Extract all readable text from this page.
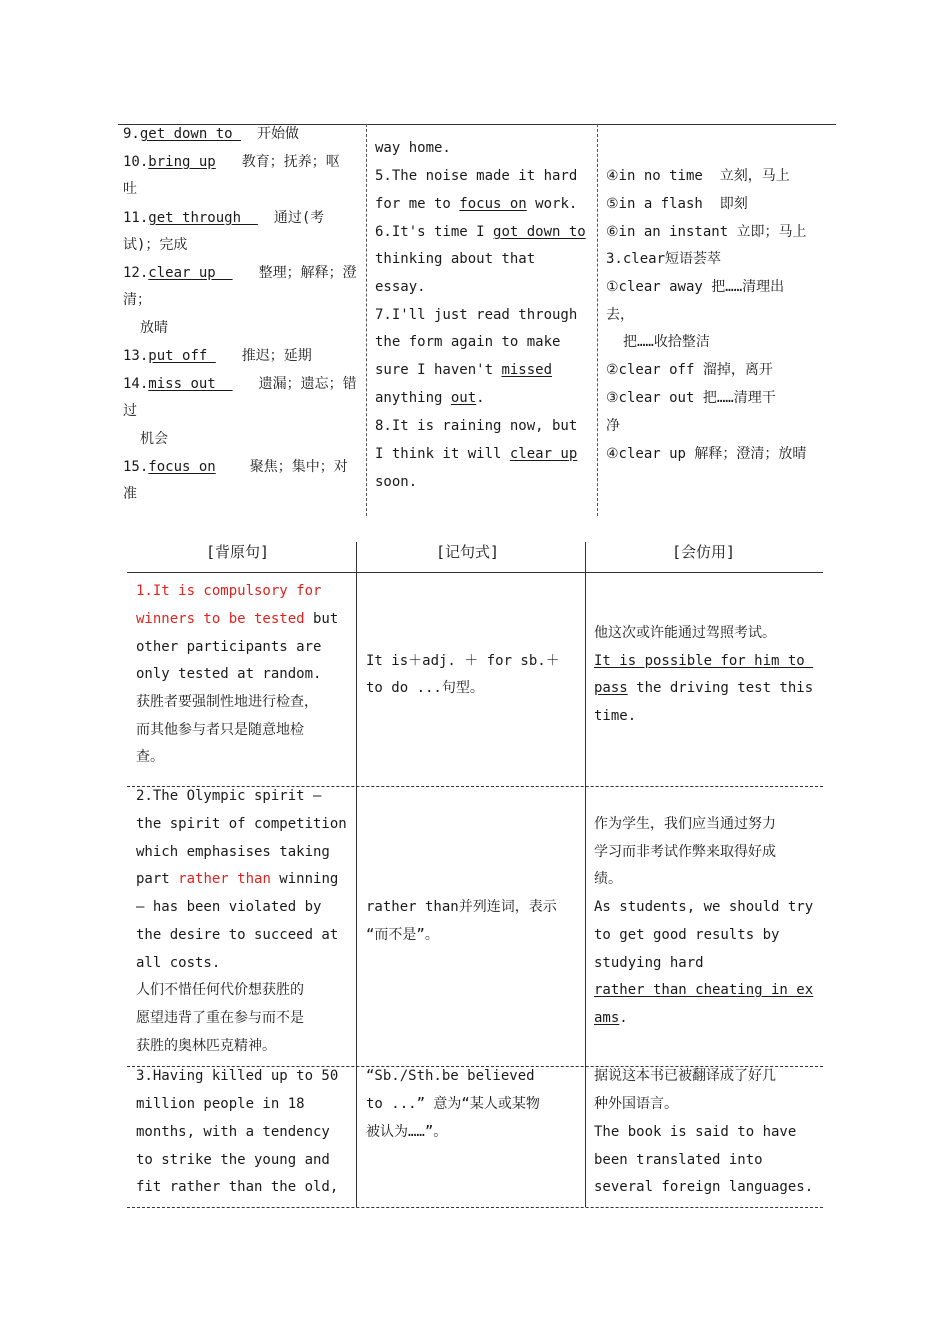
9.get down to 开始做
10.bring up 教育；抚养；呕
吐
11.get through  通过(考
试)；完成
12.clear up  整理；解释；澄
清；
放晴
13.put off 推迟；延期
14.miss out  遗漏；遗忘；错
过
机会
15.focus on 聚焦；集中；对
准
way home.
5.The noise made it hard
for me to focus on work.
6.It's time I got down to
thinking about that
essay.
7.I'll just read through
the form again to make
sure I haven't missed
anything out.
8.It is raining now, but
I think it will clear up
soon.
④in no time  立刻，马上
⑤in a flash  即刻
⑥in an instant 立即；马上
3.clear短语荟萃
①clear away 把……清理出
去，
把……收拾整洁
②clear off 溜掉，离开
③clear out 把……清理干
净
④clear up 解释；澄清；放晴
[背原句]	[记句式]	[会仿用]
1.It is compulsory for
winners to be tested but
other participants are
only tested at random.
获胜者要强制性地进行检查，
而其他参与者只是随意地检
查。
It is＋adj. ＋ for sb.＋
to do ...句型。
他这次或许能通过驾照考试。
It is possible for him to
pass the driving test this
time.
2.The Olympic spirit —
the spirit of competition
which emphasises taking
part rather than winning
— has been violated by
the desire to succeed at
all costs.
人们不惜任何代价想获胜的
愿望违背了重在参与而不是
获胜的奥林匹克精神。
rather than并列连词，表示
“而不是”。
作为学生，我们应当通过努力
学习而非考试作弊来取得好成
绩。
As students, we should try
to get good results by
studying hard
rather than cheating in ex
ams.
3.Having killed up to 50
million people in 18
months, with a tendency
to strike the young and
fit rather than the old,
“Sb./Sth.be believed
to ...” 意为“某人或某物
被认为……”。
据说这本书已被翻译成了好几
种外国语言。
The book is said to have
been translated into
several foreign languages.
